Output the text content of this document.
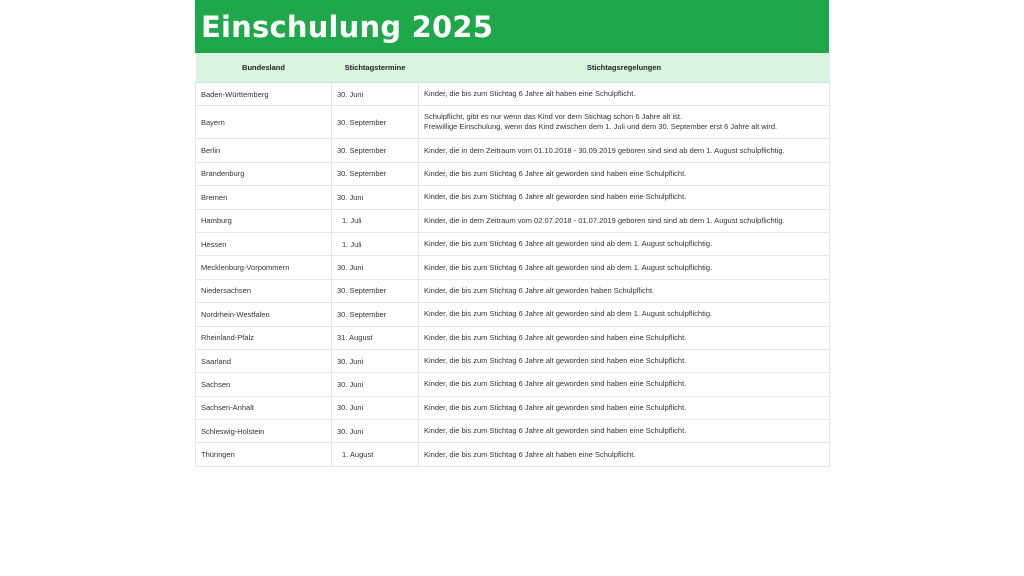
Einschulung 2025
Bundesland	Stichtagstermine	Stichtagsregelungen
Baden-Württemberg	30. Juni	Kinder, die bis zum Stichtag 6 Jahre alt haben eine Schulpflicht.

Bayern	30. September	Schulpflicht, gibt es nur wenn das Kind vor dem Stichtag schon 6 Jahre alt ist.
Freiwillige Einschulung, wenn das Kind zwischen dem 1. Juli und dem 30. September erst 6 Jahre alt wird.

Berlin	30. September	Kinder, die in dem Zeitraum vom 01.10.2018 - 30.09.2019 geboren sind sind ab dem 1. August schulpflichtig.

Brandenburg	30. September	Kinder, die bis zum Stichtag 6 Jahre alt geworden sind haben eine Schulpflicht.

Bremen	30. Juni	Kinder, die bis zum Stichtag 6 Jahre alt geworden sind haben eine Schulpflicht.

Hamburg	1. Juli	Kinder, die in dem Zeitraum vom 02.07.2018 - 01.07.2019 geboren sind sind ab dem 1. August schulpflichtig.

Hessen	1. Juli	Kinder, die bis zum Stichtag 6 Jahre alt geworden sind ab dem 1. August schulpflichtig.

Mecklenburg-Vorpommern	30. Juni	Kinder, die bis zum Stichtag 6 Jahre alt geworden sind ab dem 1. August schulpflichtig.

Niedersachsen	30. September	Kinder, die bis zum Stichtag 6 Jahre alt geworden haben Schulpflicht.

Nordrhein-Westfalen	30. September	Kinder, die bis zum Stichtag 6 Jahre alt geworden sind ab dem 1. August schulpflichtig.

Rheinland-Pfalz	31. August	Kinder, die bis zum Stichtag 6 Jahre alt geworden sind haben eine Schulpflicht.

Saarland	30. Juni	Kinder, die bis zum Stichtag 6 Jahre alt geworden sind haben eine Schulpflicht.

Sachsen	30. Juni	Kinder, die bis zum Stichtag 6 Jahre alt geworden sind haben eine Schulpflicht.

Sachsen-Anhalt	30. Juni	Kinder, die bis zum Stichtag 6 Jahre alt geworden sind haben eine Schulpflicht.

Schleswig-Holstein	30. Juni	Kinder, die bis zum Stichtag 6 Jahre alt geworden sind haben eine Schulpflicht.

Thüringen	1. August	Kinder, die bis zum Stichtag 6 Jahre alt haben eine Schulpflicht.
